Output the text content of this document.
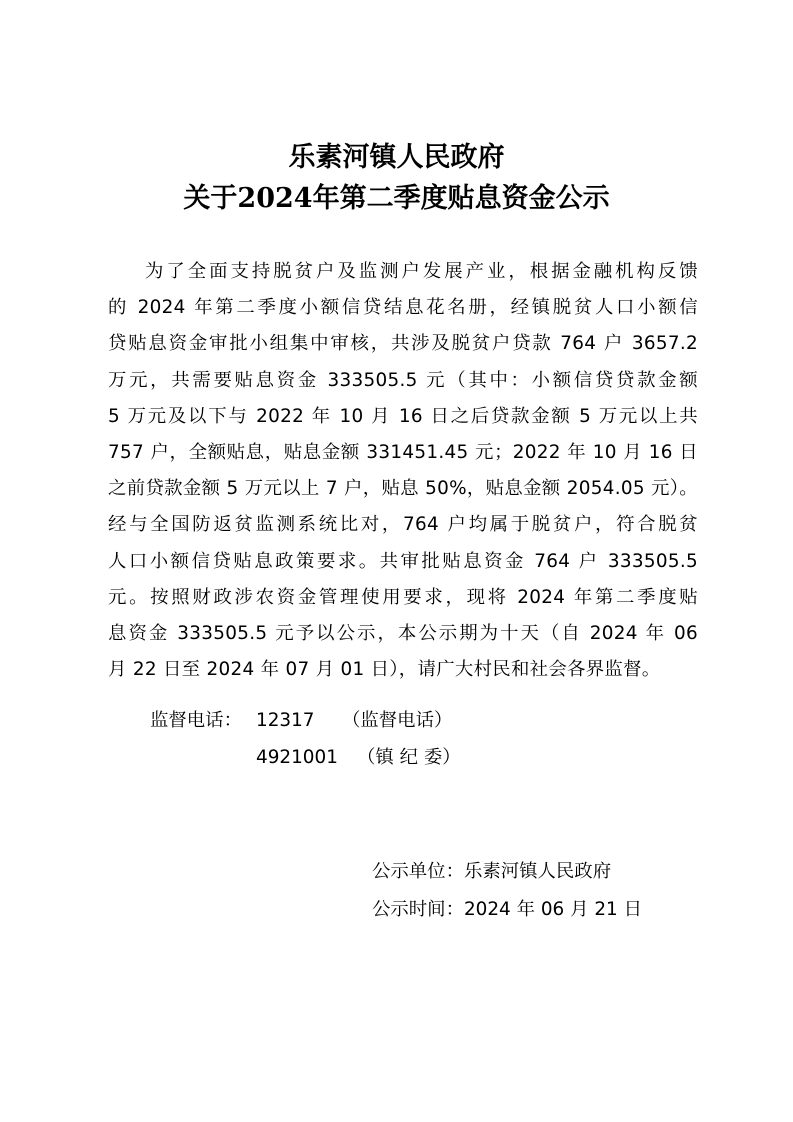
乐素河镇人民政府
关于2024年第二季度贴息资金公示
为了全面支持脱贫户及监测户发展产业，根据金融机构反馈
的 2024 年第二季度小额信贷结息花名册，经镇脱贫人口小额信
贷贴息资金审批小组集中审核，共涉及脱贫户贷款 764 户 3657.2
万元，共需要贴息资金 333505.5 元（其中：小额信贷贷款金额
5 万元及以下与 2022 年 10 月 16 日之后贷款金额 5 万元以上共
757 户，全额贴息，贴息金额 331451.45 元；2022 年 10 月 16 日
之前贷款金额 5 万元以上 7 户，贴息 50%，贴息金额 2054.05 元）。
经与全国防返贫监测系统比对，764 户均属于脱贫户，符合脱贫
人口小额信贷贴息政策要求。共审批贴息资金 764 户 333505.5
元。按照财政涉农资金管理使用要求，现将 2024 年第二季度贴
息资金 333505.5 元予以公示，本公示期为十天（自 2024 年 06
月 22 日至 2024 年 07 月 01 日），请广大村民和社会各界监督。
监督电话： 12317 （监督电话）
4921001 （镇 纪 委）
公示单位：乐素河镇人民政府
公示时间：2024 年 06 月 21 日
